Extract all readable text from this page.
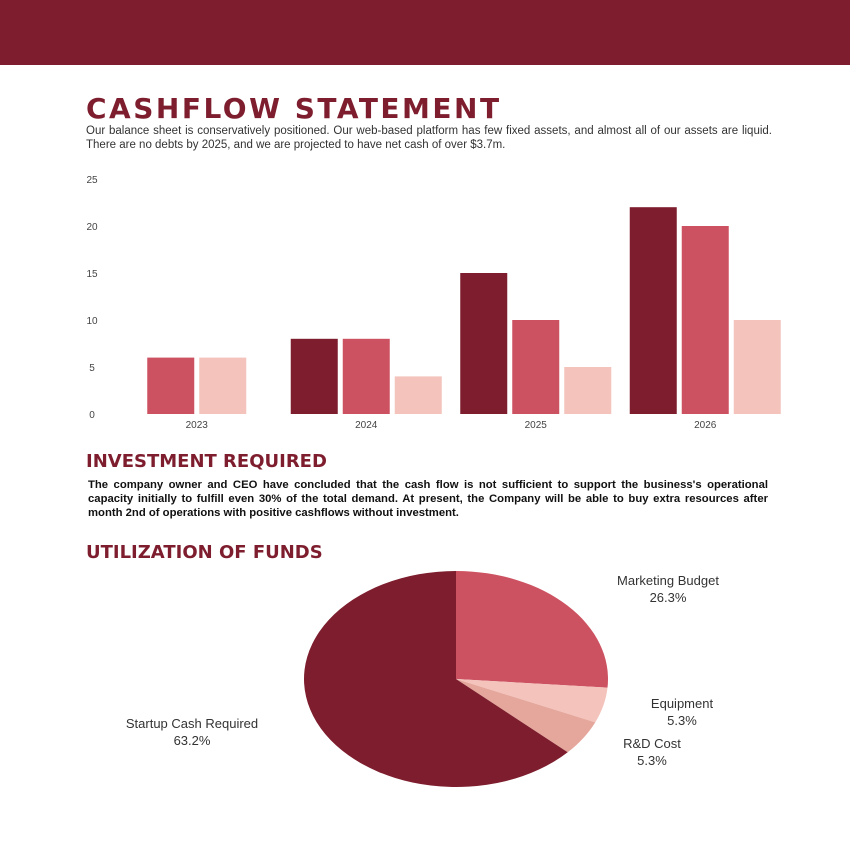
CASHFLOW STATEMENT

Our balance sheet is conservatively positioned. Our web-based platform has few fixed assets, and almost all of our assets are liquid. There are no debts by 2025, and we are projected to have net cash of over $3.7m.

0
5
10
15
20
25
2023	2024	2025	2026
INVESTMENT REQUIRED

The company owner and CEO have concluded that the cash flow is not sufficient to support the business's operational capacity initially to fulfill even 30% of the total demand. At present, the Company will be able to buy extra resources after month 2nd of operations with positive cashflows without investment.

UTILIZATION OF FUNDS
Marketing Budget
26.3%
Equipment
5.3%
R&D Cost
5.3%
Startup Cash Required
63.2%
